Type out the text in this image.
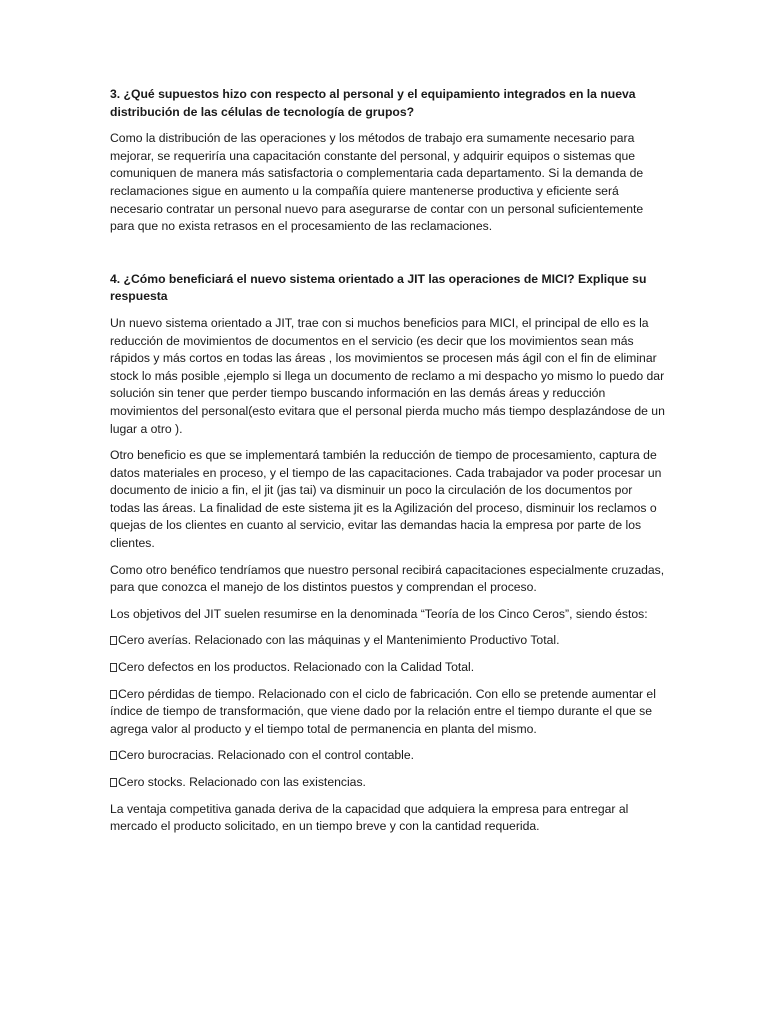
3. ¿Qué supuestos hizo con respecto al personal y el equipamiento integrados en la nueva distribución de las células de tecnología de grupos?

Como la distribución de las operaciones y los métodos de trabajo era sumamente necesario para mejorar, se requeriría una capacitación constante del personal, y adquirir equipos o sistemas que comuniquen de manera más satisfactoria o complementaria cada departamento. Si la demanda de reclamaciones sigue en aumento u la compañía quiere mantenerse productiva y eficiente será necesario contratar un personal nuevo para asegurarse de contar con un personal suficientemente para que no exista retrasos en el procesamiento de las reclamaciones.

4. ¿Cómo beneficiará el nuevo sistema orientado a JIT las operaciones de MICI? Explique su respuesta

Un nuevo sistema orientado a JIT, trae con si muchos beneficios para MICI, el principal de ello es la reducción de movimientos de documentos en el servicio (es decir que los movimientos sean más rápidos y más cortos en todas las áreas , los movimientos se procesen más ágil con el fin de eliminar stock lo más posible ,ejemplo si llega un documento de reclamo a mi despacho yo mismo lo puedo dar solución sin tener que perder tiempo buscando información en las demás áreas y reducción movimientos del personal(esto evitara que el personal pierda mucho más tiempo desplazándose de un lugar a otro ).

Otro beneficio es que se implementará también la reducción de tiempo de procesamiento, captura de datos materiales en proceso, y el tiempo de las capacitaciones. Cada trabajador va poder procesar un documento de inicio a fin, el jit (jas tai) va disminuir un poco la circulación de los documentos por todas las áreas. La finalidad de este sistema jit es la Agilización del proceso, disminuir los reclamos o quejas de los clientes en cuanto al servicio, evitar las demandas hacia la empresa por parte de los clientes.

Como otro benéfico tendríamos que nuestro personal recibirá capacitaciones especialmente cruzadas, para que conozca el manejo de los distintos puestos y comprendan el proceso.

Los objetivos del JIT suelen resumirse en la denominada “Teoría de los Cinco Ceros”, siendo éstos:

Cero averías. Relacionado con las máquinas y el Mantenimiento Productivo Total.

Cero defectos en los productos. Relacionado con la Calidad Total.

Cero pérdidas de tiempo. Relacionado con el ciclo de fabricación. Con ello se pretende aumentar el índice de tiempo de transformación, que viene dado por la relación entre el tiempo durante el que se agrega valor al producto y el tiempo total de permanencia en planta del mismo.

Cero burocracias. Relacionado con el control contable.

Cero stocks. Relacionado con las existencias.

La ventaja competitiva ganada deriva de la capacidad que adquiera la empresa para entregar al mercado el producto solicitado, en un tiempo breve y con la cantidad requerida.
